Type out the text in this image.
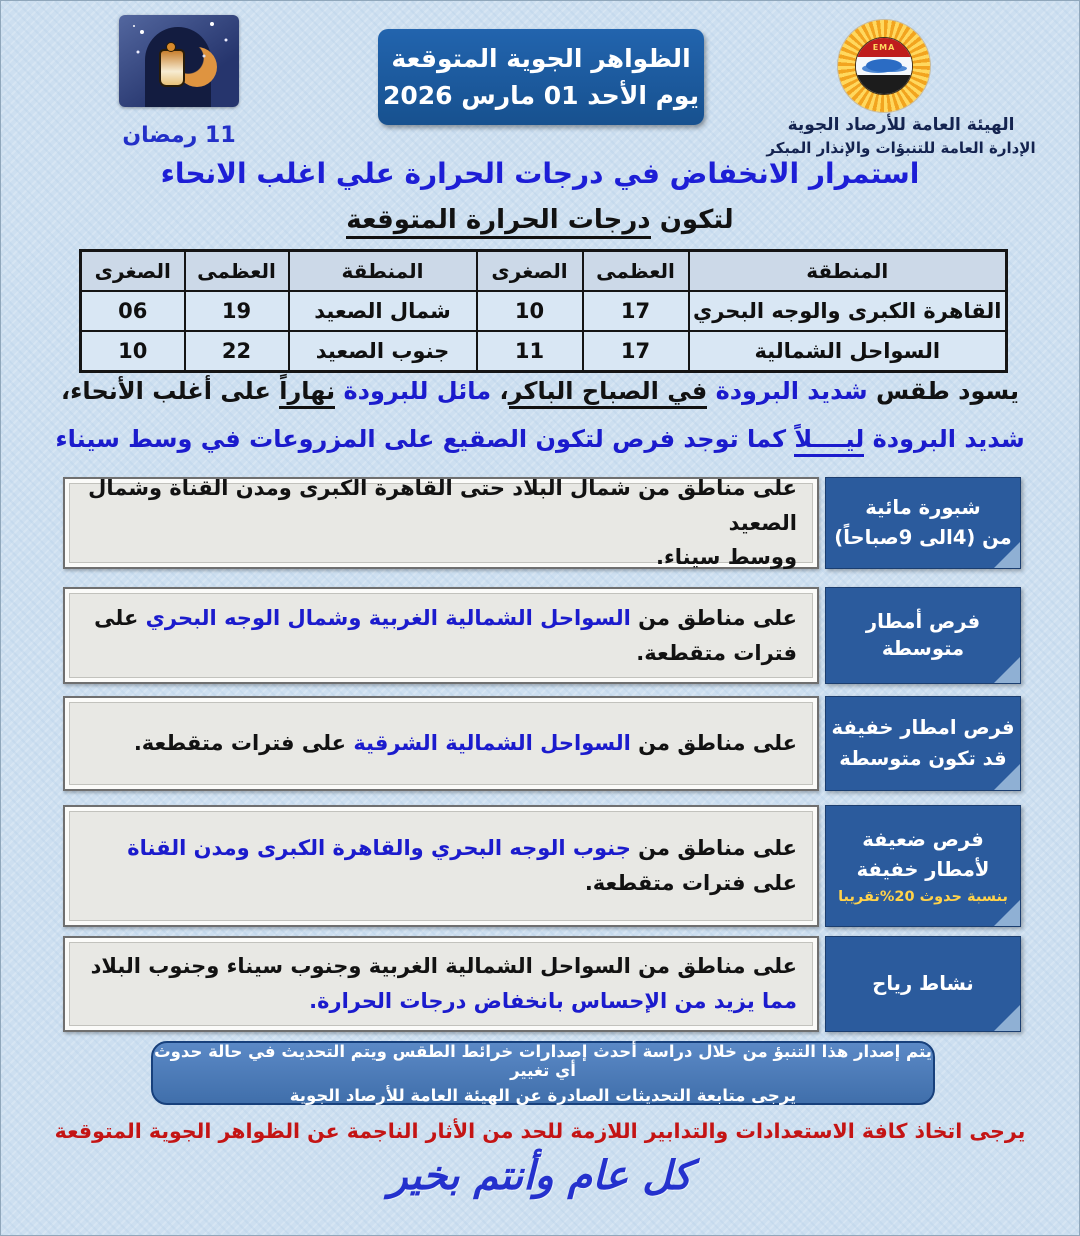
11 رمضان
الظواهر الجوية المتوقعة
يوم الأحد 01 مارس 2026
EMA
الهيئة العامة للأرصاد الجوية
الإدارة العامة للتنبؤات والإنذار المبكر
استمرار الانخفاض في درجات الحرارة علي اغلب الانحاء
لتكون درجات الحرارة المتوقعة
المنطقة	العظمى	الصغرى	المنطقة	العظمى	الصغرى
القاهرة الكبرى والوجه البحري	17	10	شمال الصعيد	19	06
السواحل الشمالية	17	11	جنوب الصعيد	22	10
يسود طقس شديد البرودة في الصباح الباكر، مائل للبرودة نهاراً على أغلب الأنحاء،
شديد البرودة ليــــلاً كما توجد فرص لتكون الصقيع على المزروعات في وسط سيناء
شبورة مائية
من (4الى 9صباحاً)
على مناطق من شمال البلاد حتى القاهرة الكبرى ومدن القناة وشمال الصعيد
ووسط سيناء.
فرص أمطار متوسطة
على مناطق من السواحل الشمالية الغربية وشمال الوجه البحري على فترات متقطعة.
فرص امطار خفيفة
قد تكون متوسطة
على مناطق من السواحل الشمالية الشرقية على فترات متقطعة.
فرص ضعيفة
لأمطار خفيفة
بنسبة حدوث 20%تقريبا
على مناطق من جنوب الوجه البحري والقاهرة الكبرى ومدن القناة
على فترات متقطعة.
نشاط رياح
على مناطق من السواحل الشمالية الغربية وجنوب سيناء وجنوب البلاد
مما يزيد من الإحساس بانخفاض درجات الحرارة.
يتم إصدار هذا التنبؤ من خلال دراسة أحدث إصدارات خرائط الطقس ويتم التحديث في حالة حدوث أي تغيير
يرجى متابعة التحديثات الصادرة عن الهيئة العامة للأرصاد الجوية
يرجى اتخاذ كافة الاستعدادات والتدابير اللازمة للحد من الأثار الناجمة عن الظواهر الجوية المتوقعة
كل عام وأنتم بخير
